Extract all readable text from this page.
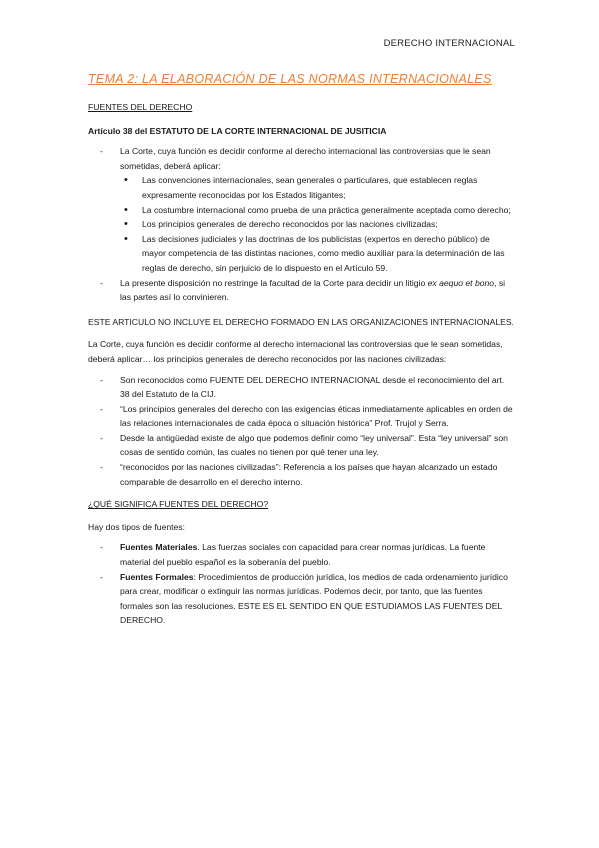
DERECHO INTERNACIONAL
TEMA 2: LA ELABORACIÓN DE LAS NORMAS INTERNACIONALES

FUENTES DEL DERECHO

Artículo 38 del ESTATUTO DE LA CORTE INTERNACIONAL DE JUSITICIA

- La Corte, cuya función es decidir conforme al derecho internacional las controversias que le sean sometidas, deberá aplicar:
• Las convenciones internacionales, sean generales o particulares, que establecen reglas expresamente reconocidas por los Estados litigantes;
• La costumbre internacional como prueba de una práctica generalmente aceptada como derecho;
• Los principios generales de derecho reconocidos por las naciones civilizadas;
• Las decisiones judiciales y las doctrinas de los publicistas (expertos en derecho público) de mayor competencia de las distintas naciones, como medio auxiliar para la determinación de las reglas de derecho, sin perjuicio de lo dispuesto en el Artículo 59.
- La presente disposición no restringe la facultad de la Corte para decidir un litigio ex aequo et bono, si las partes así lo convinieren.

ESTE ARTICULO NO INCLUYE EL DERECHO FORMADO EN LAS ORGANIZACIONES INTERNACIONALES.

La Corte, cuya función es decidir conforme al derecho internacional las controversias que le sean sometidas, deberá aplicar… los principios generales de derecho reconocidos por las naciones civilizadas:

- Son reconocidos como FUENTE DEL DERECHO INTERNACIONAL desde el reconocimiento del art. 38 del Estatuto de la CIJ.
- “Los principios generales del derecho con las exigencias éticas inmediatamente aplicables en orden de las relaciones internacionales de cada época o situación histórica” Prof. Trujol y Serra.
- Desde la antigüedad existe de algo que podemos definir como “ley universal”. Esta “ley universal” son cosas de sentido común, las cuales no tienen por qué tener una ley.
- “reconocidos por las naciones civilizadas”: Referencia a los países que hayan alcanzado un estado comparable de desarrollo en el derecho interno.

¿QUÉ SIGNIFICA FUENTES DEL DERECHO?

Hay dos tipos de fuentes:

- Fuentes Materiales. Las fuerzas sociales con capacidad para crear normas jurídicas. La fuente material del pueblo español es la soberanía del pueblo.
- Fuentes Formales: Procedimientos de producción jurídica, los medios de cada ordenamiento jurídico para crear, modificar o extinguir las normas jurídicas. Podemos decir, por tanto, que las fuentes formales son las resoluciones. ESTE ES EL SENTIDO EN QUE ESTUDIAMOS LAS FUENTES DEL DERECHO.
